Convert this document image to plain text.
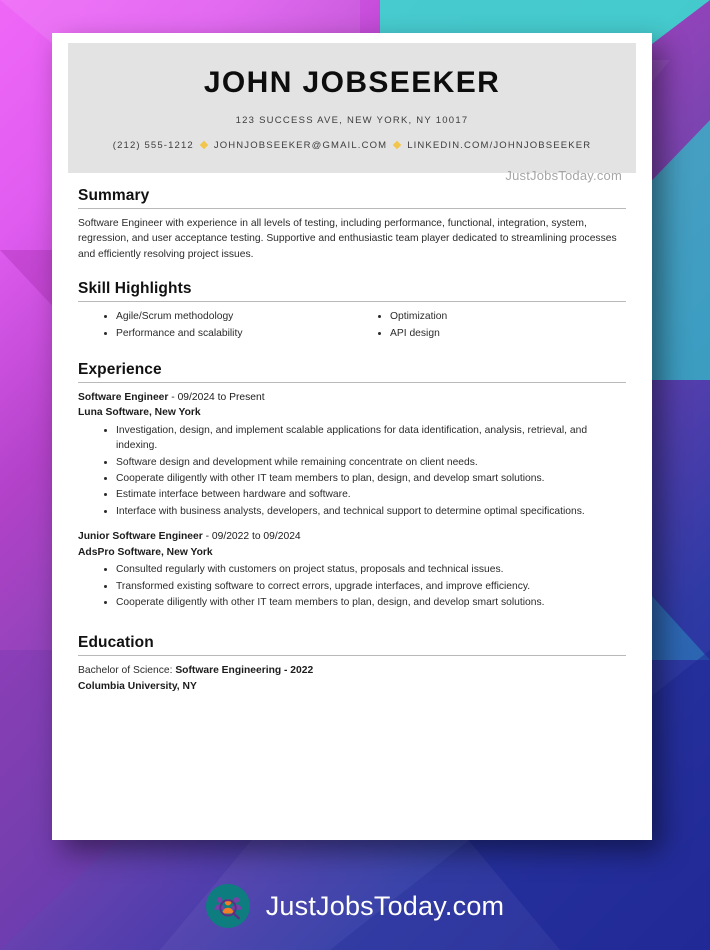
JOHN JOBSEEKER
123 SUCCESS AVE, NEW YORK, NY 10017
(212) 555-1212 JOHNJOBSEEKER@GMAIL.COM LINKEDIN.COM/JOHNJOBSEEKER
JustJobsToday.com
Summary

Software Engineer with experience in all levels of testing, including performance, functional, integration, system, regression, and user acceptance testing. Supportive and enthusiastic team player dedicated to streamlining processes and efficiently resolving project issues.

Skill Highlights
• Agile/Scrum methodology
• Performance and scalability
• Optimization
• API design
Experience
Software Engineer - 09/2024 to Present
Luna Software, New York
• Investigation, design, and implement scalable applications for data identification, analysis, retrieval, and indexing.
• Software design and development while remaining concentrate on client needs.
• Cooperate diligently with other IT team members to plan, design, and develop smart solutions.
• Estimate interface between hardware and software.
• Interface with business analysts, developers, and technical support to determine optimal specifications.
Junior Software Engineer - 09/2022 to 09/2024
AdsPro Software, New York
• Consulted regularly with customers on project status, proposals and technical issues.
• Transformed existing software to correct errors, upgrade interfaces, and improve efficiency.
• Cooperate diligently with other IT team members to plan, design, and develop smart solutions.
Education
Bachelor of Science: Software Engineering - 2022
Columbia University, NY
JustJobsToday.com
